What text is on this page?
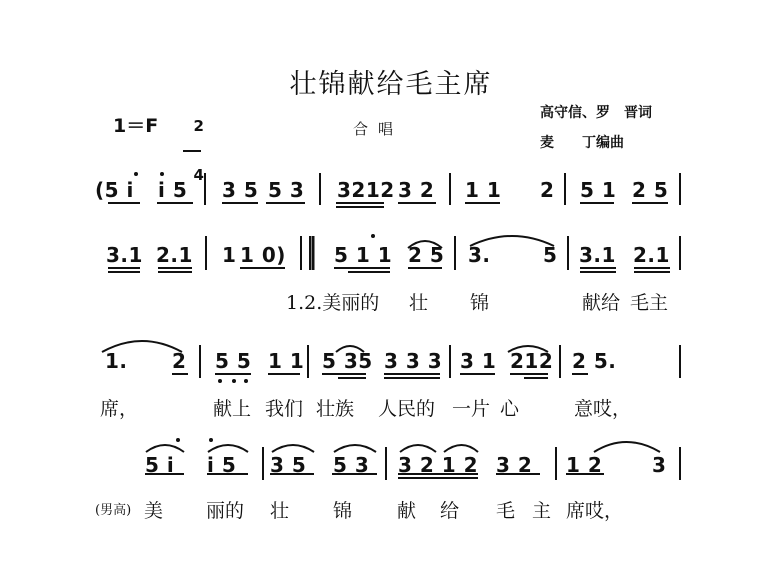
壮锦献给毛主席
1＝F	2

4

合唱
高守信、罗　晋词
麦　　丁编曲
(5 i i 5 3 5 5 3 3212 3 2 1 1 2 5 1 2 5
3.1 2.1 1 1 0) 5 1 1 2 5 3.	5 3.1 2.1
1.2.美丽的 壮 锦	献给 毛主
1. 2 5 5 1 1 5 35 3 3 3 3 1 212 2 5.
席，	献上 我们 壮族 人民的 一片 心	意哎，
5 i i 5 3 5 5 3 3 2 1 2 3 2 1 2 3
(男高) 美 丽的 壮 锦 献 给 毛 主 席哎，
